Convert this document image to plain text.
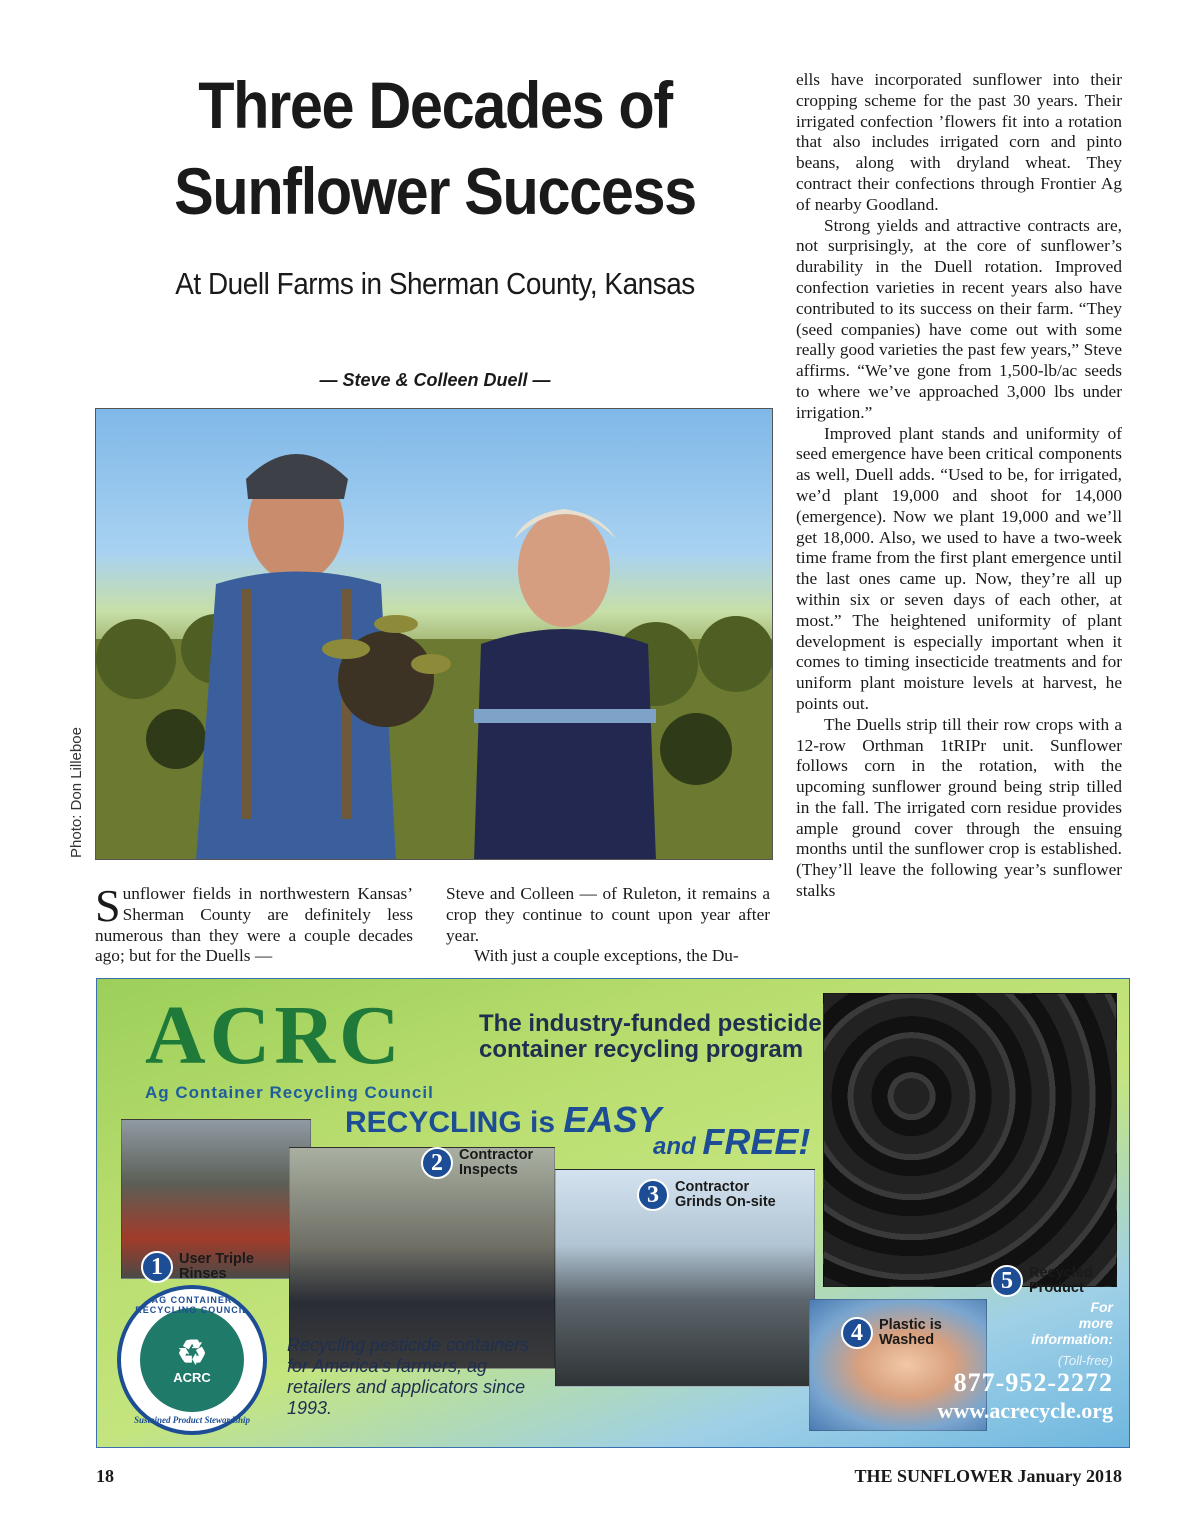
Three Decades of
Sunflower Success
At Duell Farms in Sherman County, Kansas
— Steve & Colleen Duell —
Photo: Don Lilleboe

ells have incorporated sunflower into their cropping scheme for the past 30 years. Their irrigated confection ’flowers fit into a rotation that also includes irrigated corn and pinto beans, along with dryland wheat. They contract their confections through Frontier Ag of nearby Goodland.

Strong yields and attractive contracts are, not surprisingly, at the core of sunflower’s durability in the Duell rotation. Improved confection varieties in recent years also have contributed to its success on their farm. “They (seed companies) have come out with some really good varieties the past few years,” Steve affirms. “We’ve gone from 1,500-lb/ac seeds to where we’ve approached 3,000 lbs under irrigation.”

Improved plant stands and uniformity of seed emergence have been critical components as well, Duell adds. “Used to be, for irrigated, we’d plant 19,000 and shoot for 14,000 (emergence). Now we plant 19,000 and we’ll get 18,000. Also, we used to have a two-week time frame from the first plant emergence until the last ones came up. Now, they’re all up within six or seven days of each other, at most.” The heightened uniformity of plant development is especially important when it comes to timing insecticide treatments and for uniform plant moisture levels at harvest, he points out.

The Duells strip till their row crops with a 12-row Orthman 1tRIPr unit. Sunflower follows corn in the rotation, with the upcoming sunflower ground being strip tilled in the fall. The irrigated corn residue provides ample ground cover through the ensuing months until the sunflower crop is established. (They’ll leave the following year’s sunflower stalks

Sunflower fields in northwestern Kansas’ Sherman County are definitely less numerous than they were a couple decades ago; but for the Duells —

Steve and Colleen — of Ruleton, it remains a crop they continue to count upon year after year.

With just a couple exceptions, the Du-

ACRC
Ag Container Recycling Council
The industry-funded pesticide container recycling program
RECYCLING is EASY
and FREE!
1	User Triple
Rinses
2	Contractor
Inspects
3	Contractor
Grinds On-site
4	Plastic is
Washed
5	Recycled
Product
AG CONTAINER RECYCLING COUNCIL
♻
ACRC
Sustained Product Stewardship
Recycling pesticide containers for America’s farmers, ag retailers and applicators since 1993.
For
more
information:
(Toll-free)
877-952-2272
www.acrecycle.org
18	THE SUNFLOWER January 2018
